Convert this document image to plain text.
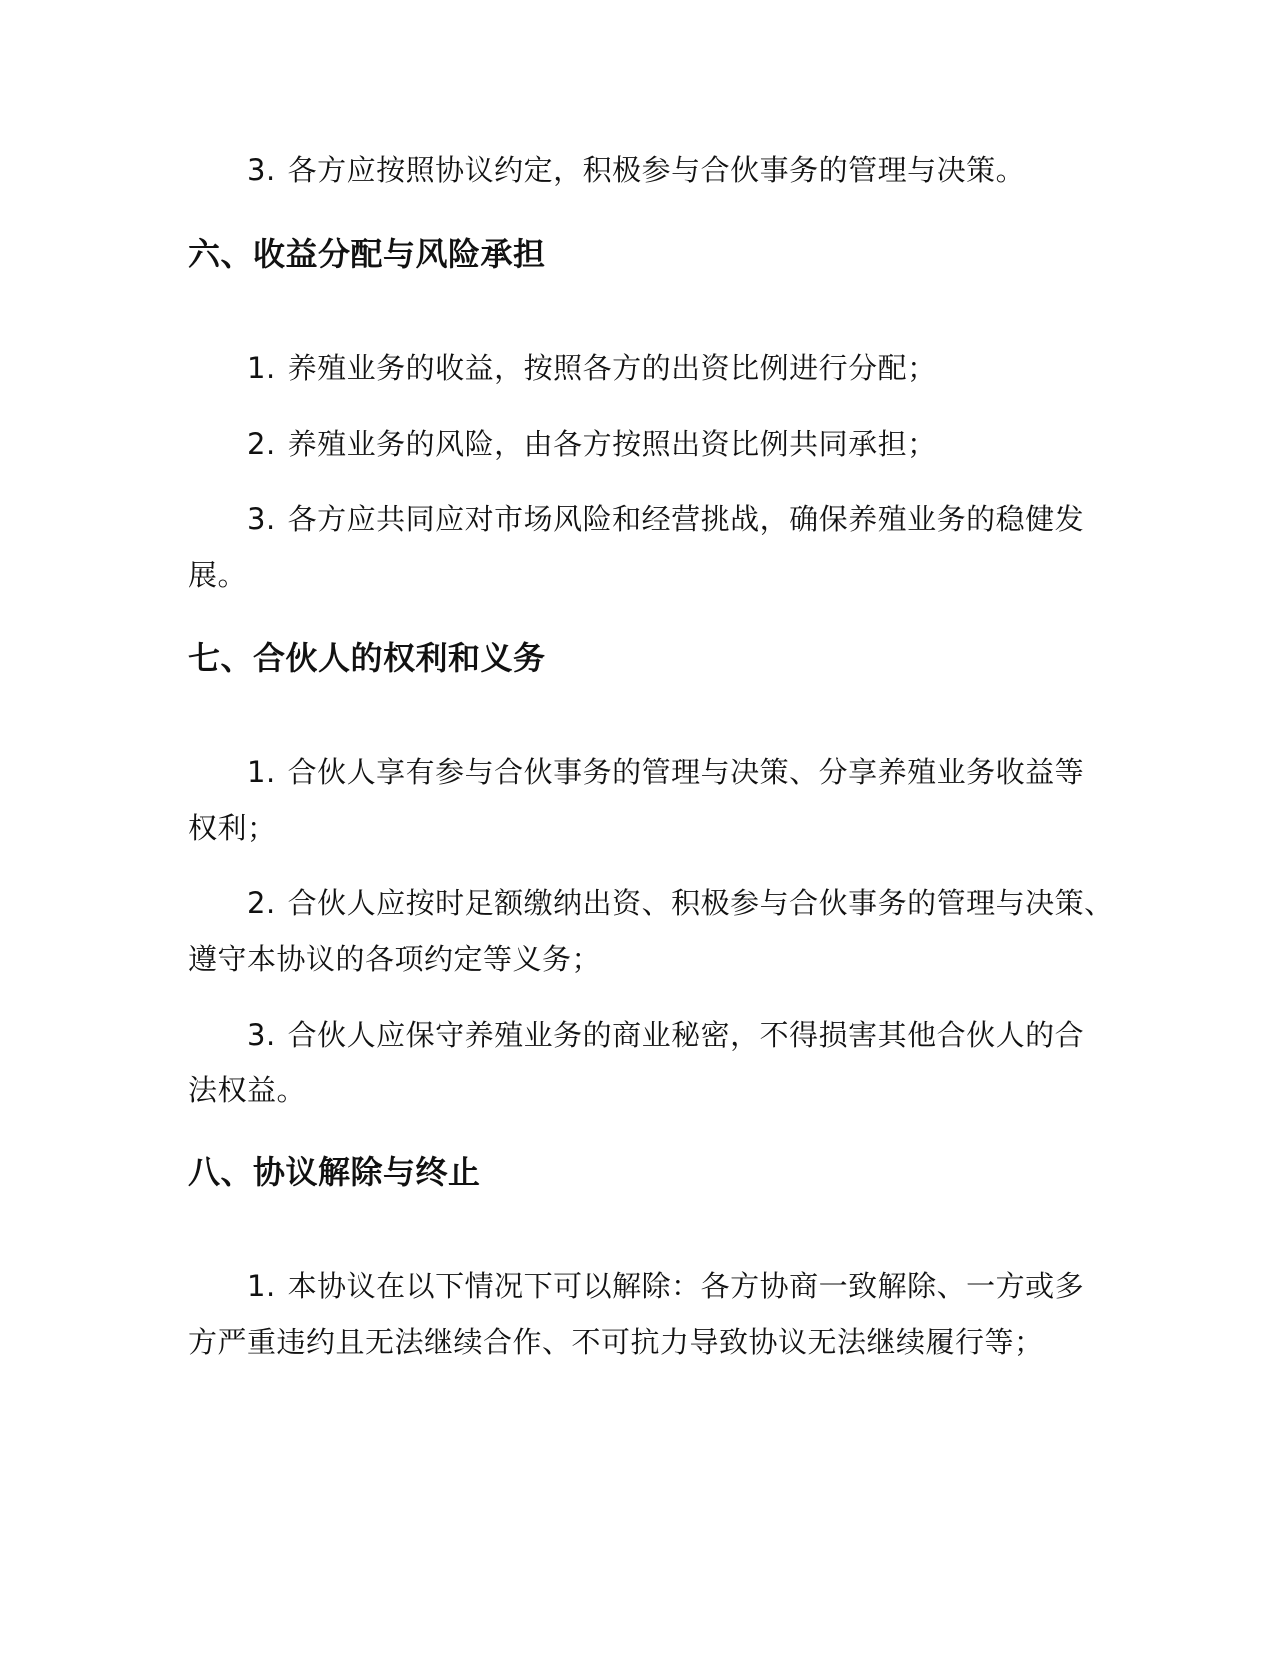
3. 各方应按照协议约定，积极参与合伙事务的管理与决策。
六、收益分配与风险承担
1. 养殖业务的收益，按照各方的出资比例进行分配；
2. 养殖业务的风险，由各方按照出资比例共同承担；
3. 各方应共同应对市场风险和经营挑战，确保养殖业务的稳健发
展。
七、合伙人的权利和义务
1. 合伙人享有参与合伙事务的管理与决策、分享养殖业务收益等
权利；
2. 合伙人应按时足额缴纳出资、积极参与合伙事务的管理与决策、
遵守本协议的各项约定等义务；
3. 合伙人应保守养殖业务的商业秘密，不得损害其他合伙人的合
法权益。
八、协议解除与终止
1. 本协议在以下情况下可以解除：各方协商一致解除、一方或多
方严重违约且无法继续合作、不可抗力导致协议无法继续履行等；
